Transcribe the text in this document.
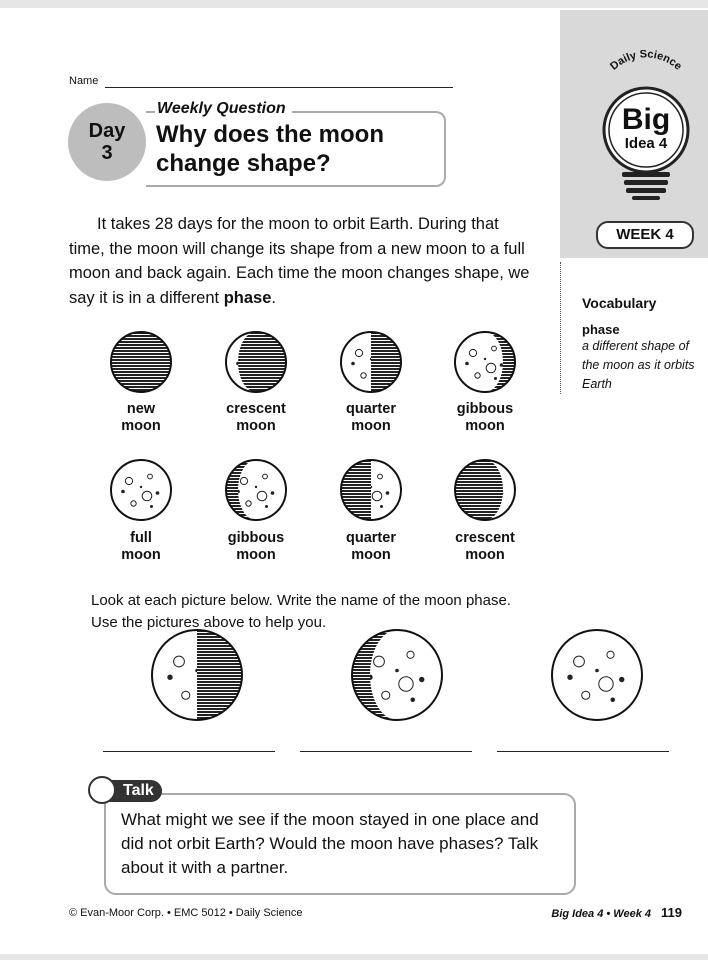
Name
Day
3
Weekly Question
Why does the moon change shape?
Daily Science
Big
Idea 4
WEEK 4
It takes 28 days for the moon to orbit Earth. During that time, the moon will change its shape from a new moon to a full moon and back again. Each time the moon changes shape, we say it is in a different phase.	Vocabulary
phase
a different shape of the moon as it orbits Earth
new
moon
crescent
moon
quarter
moon
gibbous
moon
full
moon
gibbous
moon
quarter
moon
crescent
moon
Look at each picture below. Write the name of the moon phase.
Use the pictures above to help you.
Talk
What might we see if the moon stayed in one place and did not orbit Earth? Would the moon have phases? Talk about it with a partner.
© Evan-Moor Corp. • EMC 5012 • Daily Science	Big Idea 4 • Week 4 119
